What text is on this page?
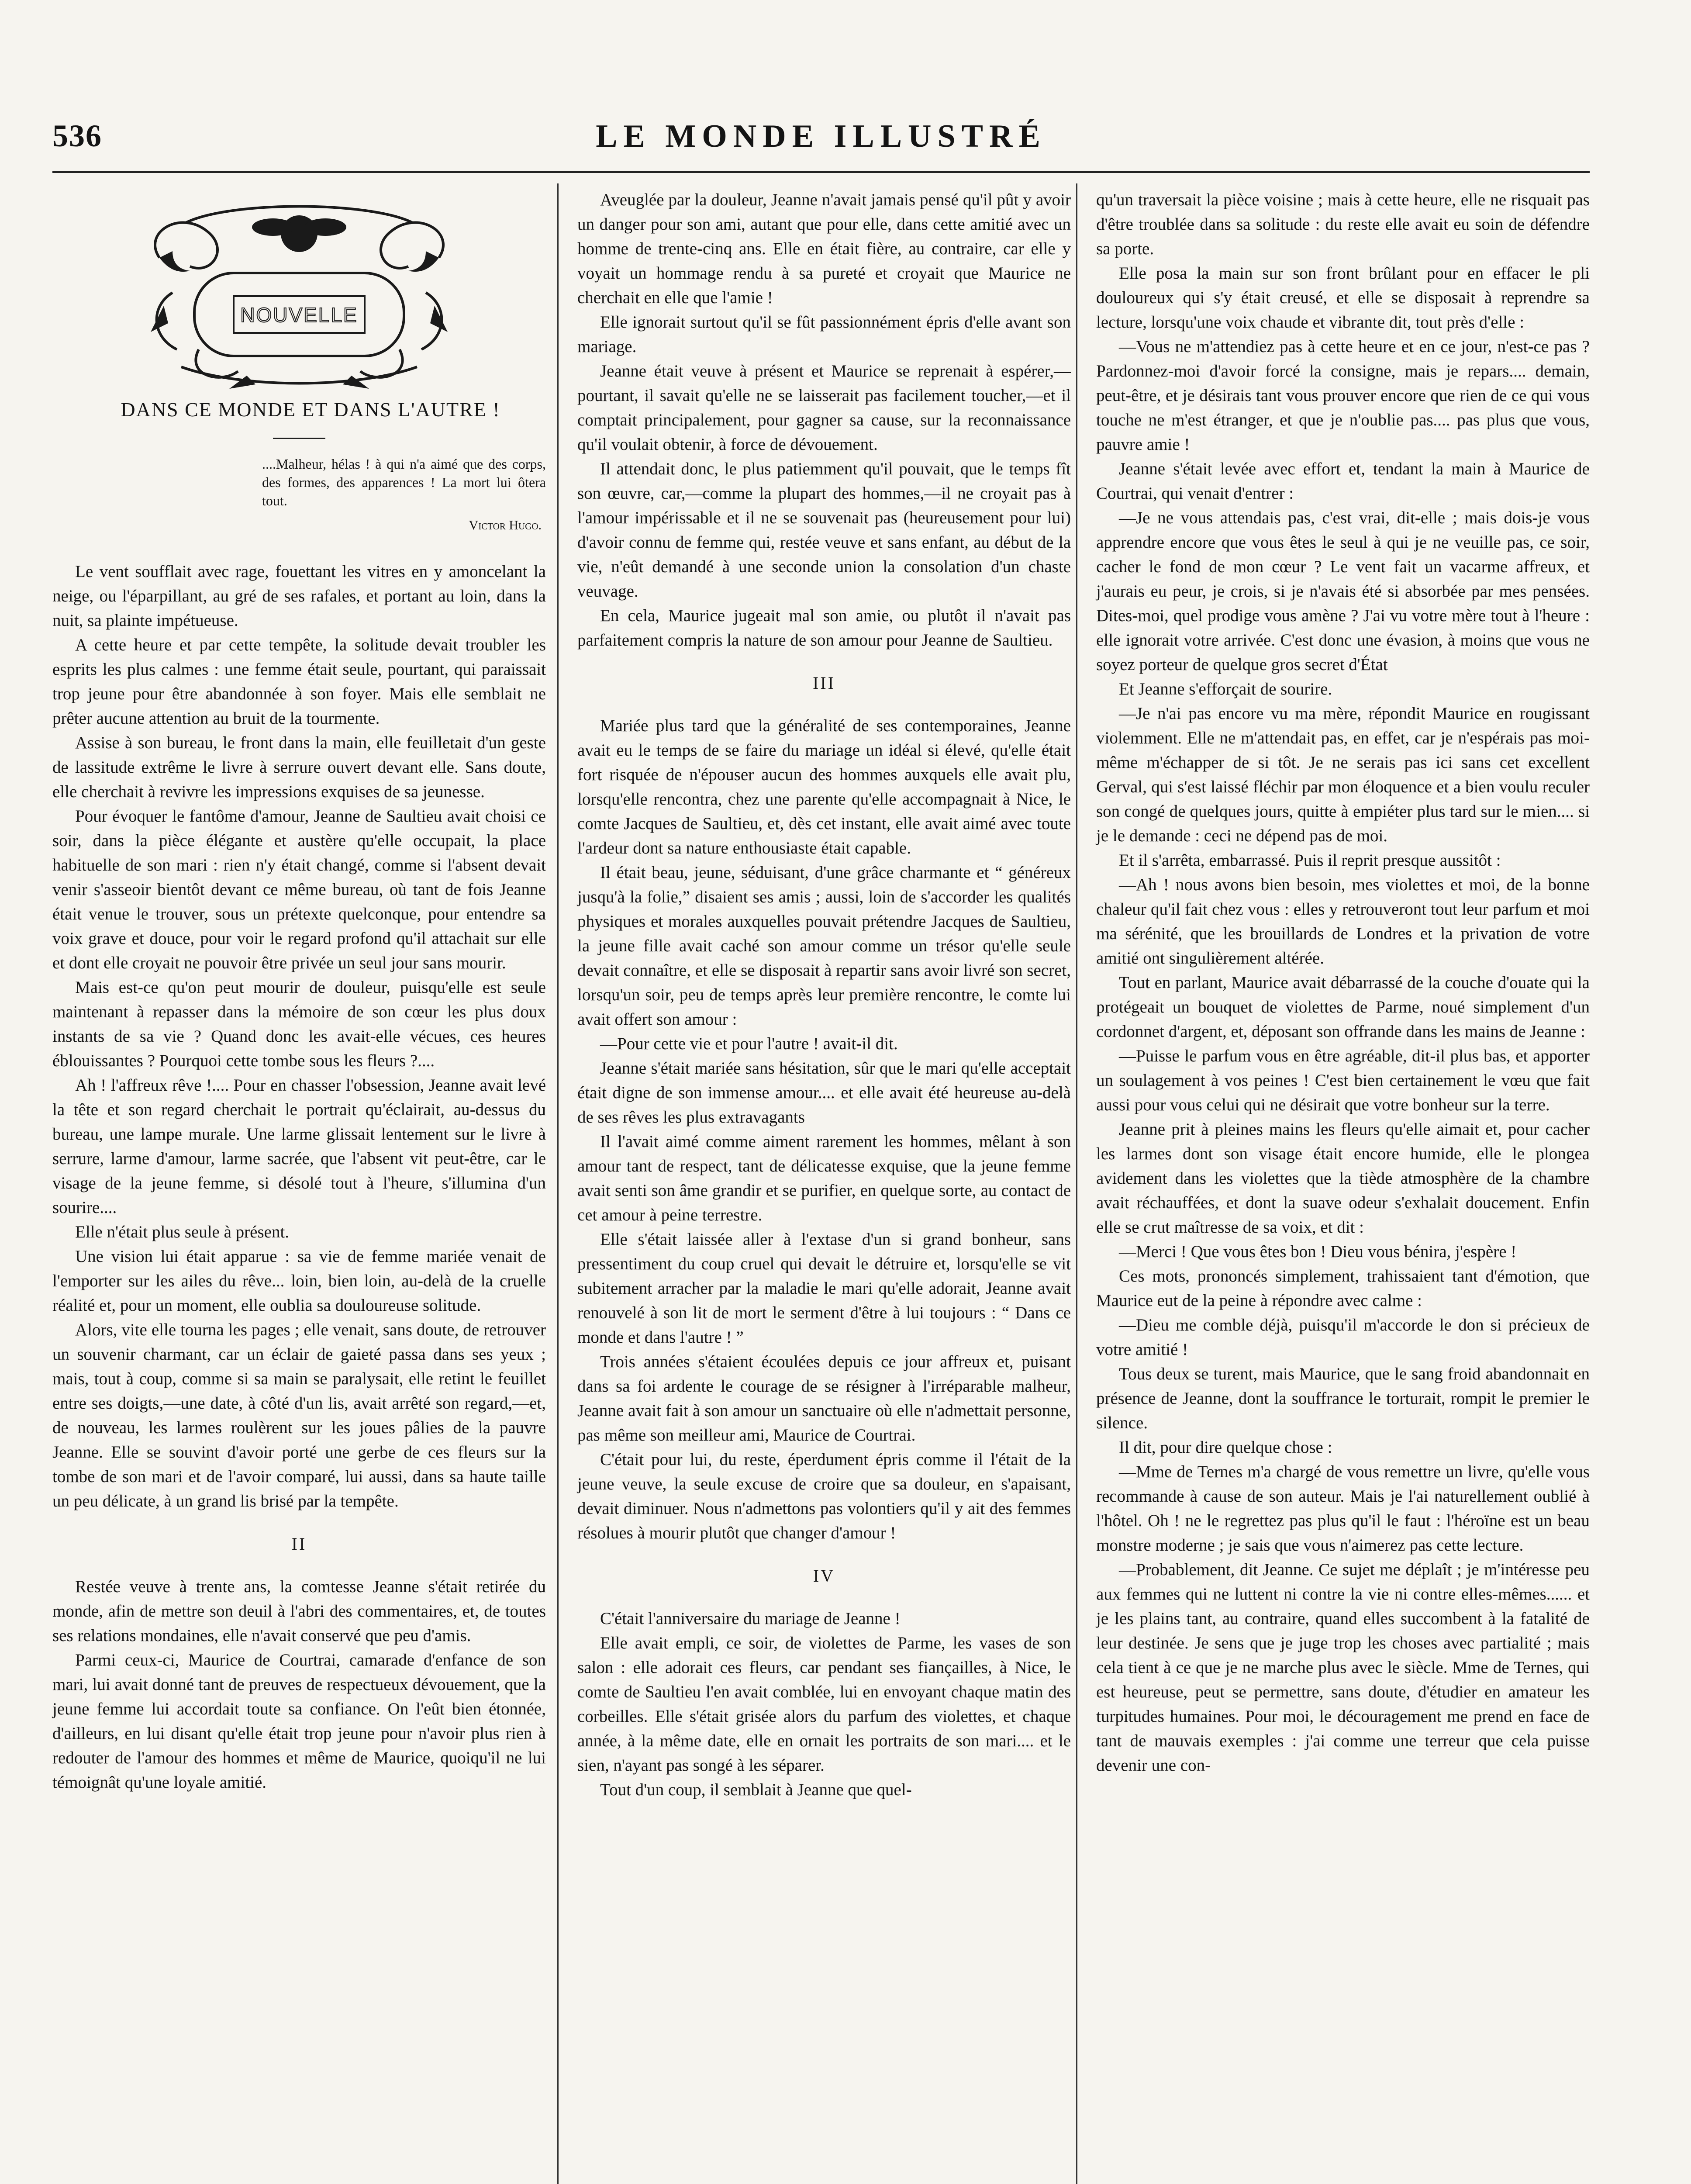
536	LE MONDE ILLUSTRÉ
NOUVELLE

DANS CE MONDE ET DANS L'AUTRE !

....Malheur, hélas ! à qui n'a aimé que des corps, des formes, des apparences ! La mort lui ôtera tout.
Victor Hugo.

Le vent soufflait avec rage, fouettant les vitres en y amoncelant la neige, ou l'éparpillant, au gré de ses rafales, et portant au loin, dans la nuit, sa plainte impétueuse.

A cette heure et par cette tempête, la solitude devait troubler les esprits les plus calmes : une femme était seule, pourtant, qui paraissait trop jeune pour être abandonnée à son foyer. Mais elle semblait ne prêter aucune attention au bruit de la tourmente.

Assise à son bureau, le front dans la main, elle feuilletait d'un geste de lassitude extrême le livre à serrure ouvert devant elle. Sans doute, elle cherchait à revivre les impressions exquises de sa jeunesse.

Pour évoquer le fantôme d'amour, Jeanne de Saultieu avait choisi ce soir, dans la pièce élégante et austère qu'elle occupait, la place habituelle de son mari : rien n'y était changé, comme si l'absent devait venir s'asseoir bientôt devant ce même bureau, où tant de fois Jeanne était venue le trouver, sous un prétexte quelconque, pour entendre sa voix grave et douce, pour voir le regard profond qu'il attachait sur elle et dont elle croyait ne pouvoir être privée un seul jour sans mourir.

Mais est-ce qu'on peut mourir de douleur, puisqu'elle est seule maintenant à repasser dans la mémoire de son cœur les plus doux instants de sa vie ? Quand donc les avait-elle vécues, ces heures éblouissantes ? Pourquoi cette tombe sous les fleurs ?....

Ah ! l'affreux rêve !.... Pour en chasser l'obsession, Jeanne avait levé la tête et son regard cherchait le portrait qu'éclairait, au-dessus du bureau, une lampe murale. Une larme glissait lentement sur le livre à serrure, larme d'amour, larme sacrée, que l'absent vit peut-être, car le visage de la jeune femme, si désolé tout à l'heure, s'illumina d'un sourire....

Elle n'était plus seule à présent.

Une vision lui était apparue : sa vie de femme mariée venait de l'emporter sur les ailes du rêve... loin, bien loin, au-delà de la cruelle réalité et, pour un moment, elle oublia sa douloureuse solitude.

Alors, vite elle tourna les pages ; elle venait, sans doute, de retrouver un souvenir charmant, car un éclair de gaieté passa dans ses yeux ; mais, tout à coup, comme si sa main se paralysait, elle retint le feuillet entre ses doigts,—une date, à côté d'un lis, avait arrêté son regard,—et, de nouveau, les larmes roulèrent sur les joues pâlies de la pauvre Jeanne. Elle se souvint d'avoir porté une gerbe de ces fleurs sur la tombe de son mari et de l'avoir comparé, lui aussi, dans sa haute taille un peu délicate, à un grand lis brisé par la tempête.

II

Restée veuve à trente ans, la comtesse Jeanne s'était retirée du monde, afin de mettre son deuil à l'abri des commentaires, et, de toutes ses relations mondaines, elle n'avait conservé que peu d'amis.

Parmi ceux-ci, Maurice de Courtrai, camarade d'enfance de son mari, lui avait donné tant de preuves de respectueux dévouement, que la jeune femme lui accordait toute sa confiance. On l'eût bien étonnée, d'ailleurs, en lui disant qu'elle était trop jeune pour n'avoir plus rien à redouter de l'amour des hommes et même de Maurice, quoiqu'il ne lui témoignât qu'une loyale amitié.

Aveuglée par la douleur, Jeanne n'avait jamais pensé qu'il pût y avoir un danger pour son ami, autant que pour elle, dans cette amitié avec un homme de trente-cinq ans. Elle en était fière, au contraire, car elle y voyait un hommage rendu à sa pureté et croyait que Maurice ne cherchait en elle que l'amie !

Elle ignorait surtout qu'il se fût passionnément épris d'elle avant son mariage.

Jeanne était veuve à présent et Maurice se reprenait à espérer,—pourtant, il savait qu'elle ne se laisserait pas facilement toucher,—et il comptait principalement, pour gagner sa cause, sur la reconnaissance qu'il voulait obtenir, à force de dévouement.

Il attendait donc, le plus patiemment qu'il pouvait, que le temps fît son œuvre, car,—comme la plupart des hommes,—il ne croyait pas à l'amour impérissable et il ne se souvenait pas (heureusement pour lui) d'avoir connu de femme qui, restée veuve et sans enfant, au début de la vie, n'eût demandé à une seconde union la consolation d'un chaste veuvage.

En cela, Maurice jugeait mal son amie, ou plutôt il n'avait pas parfaitement compris la nature de son amour pour Jeanne de Saultieu.

III

Mariée plus tard que la généralité de ses contemporaines, Jeanne avait eu le temps de se faire du mariage un idéal si élevé, qu'elle était fort risquée de n'épouser aucun des hommes auxquels elle avait plu, lorsqu'elle rencontra, chez une parente qu'elle accompagnait à Nice, le comte Jacques de Saultieu, et, dès cet instant, elle avait aimé avec toute l'ardeur dont sa nature enthousiaste était capable.

Il était beau, jeune, séduisant, d'une grâce charmante et “ généreux jusqu'à la folie,” disaient ses amis ; aussi, loin de s'accorder les qualités physiques et morales auxquelles pouvait prétendre Jacques de Saultieu, la jeune fille avait caché son amour comme un trésor qu'elle seule devait connaître, et elle se disposait à repartir sans avoir livré son secret, lorsqu'un soir, peu de temps après leur première rencontre, le comte lui avait offert son amour :

—Pour cette vie et pour l'autre ! avait-il dit.

Jeanne s'était mariée sans hésitation, sûr que le mari qu'elle acceptait était digne de son immense amour.... et elle avait été heureuse au-delà de ses rêves les plus extravagants

Il l'avait aimé comme aiment rarement les hommes, mêlant à son amour tant de respect, tant de délicatesse exquise, que la jeune femme avait senti son âme grandir et se purifier, en quelque sorte, au contact de cet amour à peine terrestre.

Elle s'était laissée aller à l'extase d'un si grand bonheur, sans pressentiment du coup cruel qui devait le détruire et, lorsqu'elle se vit subitement arracher par la maladie le mari qu'elle adorait, Jeanne avait renouvelé à son lit de mort le serment d'être à lui toujours : “ Dans ce monde et dans l'autre ! ”

Trois années s'étaient écoulées depuis ce jour affreux et, puisant dans sa foi ardente le courage de se résigner à l'irréparable malheur, Jeanne avait fait à son amour un sanctuaire où elle n'admettait personne, pas même son meilleur ami, Maurice de Courtrai.

C'était pour lui, du reste, éperdument épris comme il l'était de la jeune veuve, la seule excuse de croire que sa douleur, en s'apaisant, devait diminuer. Nous n'admettons pas volontiers qu'il y ait des femmes résolues à mourir plutôt que changer d'amour !

IV

C'était l'anniversaire du mariage de Jeanne !

Elle avait empli, ce soir, de violettes de Parme, les vases de son salon : elle adorait ces fleurs, car pendant ses fiançailles, à Nice, le comte de Saultieu l'en avait comblée, lui en envoyant chaque matin des corbeilles. Elle s'était grisée alors du parfum des violettes, et chaque année, à la même date, elle en ornait les portraits de son mari.... et le sien, n'ayant pas songé à les séparer.

Tout d'un coup, il semblait à Jeanne que quel-

qu'un traversait la pièce voisine ; mais à cette heure, elle ne risquait pas d'être troublée dans sa solitude : du reste elle avait eu soin de défendre sa porte.

Elle posa la main sur son front brûlant pour en effacer le pli douloureux qui s'y était creusé, et elle se disposait à reprendre sa lecture, lorsqu'une voix chaude et vibrante dit, tout près d'elle :

—Vous ne m'attendiez pas à cette heure et en ce jour, n'est-ce pas ? Pardonnez-moi d'avoir forcé la consigne, mais je repars.... demain, peut-être, et je désirais tant vous prouver encore que rien de ce qui vous touche ne m'est étranger, et que je n'oublie pas.... pas plus que vous, pauvre amie !

Jeanne s'était levée avec effort et, tendant la main à Maurice de Courtrai, qui venait d'entrer :

—Je ne vous attendais pas, c'est vrai, dit-elle ; mais dois-je vous apprendre encore que vous êtes le seul à qui je ne veuille pas, ce soir, cacher le fond de mon cœur ? Le vent fait un vacarme affreux, et j'aurais eu peur, je crois, si je n'avais été si absorbée par mes pensées. Dites-moi, quel prodige vous amène ? J'ai vu votre mère tout à l'heure : elle ignorait votre arrivée. C'est donc une évasion, à moins que vous ne soyez porteur de quelque gros secret d'État

Et Jeanne s'efforçait de sourire.

—Je n'ai pas encore vu ma mère, répondit Maurice en rougissant violemment. Elle ne m'attendait pas, en effet, car je n'espérais pas moi-même m'échapper de si tôt. Je ne serais pas ici sans cet excellent Gerval, qui s'est laissé fléchir par mon éloquence et a bien voulu reculer son congé de quelques jours, quitte à empiéter plus tard sur le mien.... si je le demande : ceci ne dépend pas de moi.

Et il s'arrêta, embarrassé. Puis il reprit presque aussitôt :

—Ah ! nous avons bien besoin, mes violettes et moi, de la bonne chaleur qu'il fait chez vous : elles y retrouveront tout leur parfum et moi ma sérénité, que les brouillards de Londres et la privation de votre amitié ont singulièrement altérée.

Tout en parlant, Maurice avait débarrassé de la couche d'ouate qui la protégeait un bouquet de violettes de Parme, noué simplement d'un cordonnet d'argent, et, déposant son offrande dans les mains de Jeanne :

—Puisse le parfum vous en être agréable, dit-il plus bas, et apporter un soulagement à vos peines ! C'est bien certainement le vœu que fait aussi pour vous celui qui ne désirait que votre bonheur sur la terre.

Jeanne prit à pleines mains les fleurs qu'elle aimait et, pour cacher les larmes dont son visage était encore humide, elle le plongea avidement dans les violettes que la tiède atmosphère de la chambre avait réchauffées, et dont la suave odeur s'exhalait doucement. Enfin elle se crut maîtresse de sa voix, et dit :

—Merci ! Que vous êtes bon ! Dieu vous bénira, j'espère !

Ces mots, prononcés simplement, trahissaient tant d'émotion, que Maurice eut de la peine à répondre avec calme :

—Dieu me comble déjà, puisqu'il m'accorde le don si précieux de votre amitié !

Tous deux se turent, mais Maurice, que le sang froid abandonnait en présence de Jeanne, dont la souffrance le torturait, rompit le premier le silence.

Il dit, pour dire quelque chose :

—Mme de Ternes m'a chargé de vous remettre un livre, qu'elle vous recommande à cause de son auteur. Mais je l'ai naturellement oublié à l'hôtel. Oh ! ne le regrettez pas plus qu'il le faut : l'héroïne est un beau monstre moderne ; je sais que vous n'aimerez pas cette lecture.

—Probablement, dit Jeanne. Ce sujet me déplaît ; je m'intéresse peu aux femmes qui ne luttent ni contre la vie ni contre elles-mêmes...... et je les plains tant, au contraire, quand elles succombent à la fatalité de leur destinée. Je sens que je juge trop les choses avec partialité ; mais cela tient à ce que je ne marche plus avec le siècle. Mme de Ternes, qui est heureuse, peut se permettre, sans doute, d'étudier en amateur les turpitudes humaines. Pour moi, le découragement me prend en face de tant de mauvais exemples : j'ai comme une terreur que cela puisse devenir une con-
